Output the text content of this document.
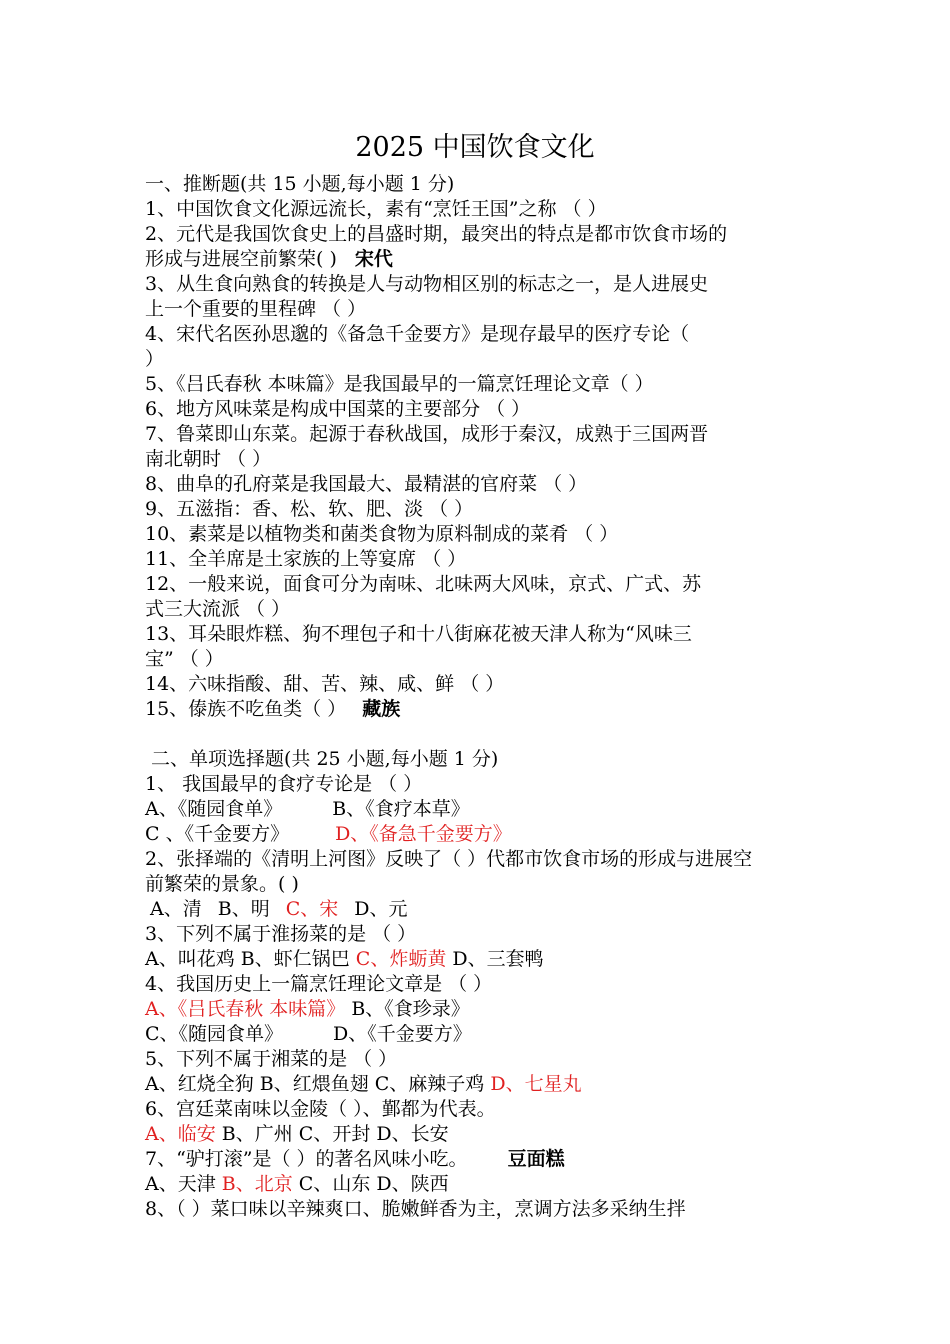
2025 中国饮食文化
一、推断题(共 15 小题,每小题 1 分)
1、中国饮食文化源远流长，素有“烹饪王国”之称 （ ）
2、元代是我国饮食史上的昌盛时期，最突出的特点是都市饮食市场的
形成与进展空前繁荣( ) 宋代
3、从生食向熟食的转换是人与动物相区别的标志之一，是人进展史
上一个重要的里程碑 （ ）
4、宋代名医孙思邈的《备急千金要方》是现存最早的医疗专论（
）
5、《吕氏春秋 本味篇》是我国最早的一篇烹饪理论文章（ ）
6、地方风味菜是构成中国菜的主要部分 （ ）
7、鲁菜即山东菜。起源于春秋战国，成形于秦汉，成熟于三国两晋
南北朝时 （ ）
8、曲阜的孔府菜是我国最大、最精湛的官府菜 （ ）
9、五滋指：香、松、软、肥、淡 （ ）
10、素菜是以植物类和菌类食物为原料制成的菜肴 （ ）
11、全羊席是土家族的上等宴席 （ ）
12、一般来说，面食可分为南味、北味两大风味，京式、广式、苏
式三大流派 （ ）
13、耳朵眼炸糕、狗不理包子和十八街麻花被天津人称为“风味三
宝” （ ）
14、六味指酸、甜、苦、辣、咸、鲜 （ ）
15、傣族不吃鱼类（ ） 藏族
二、单项选择题(共 25 小题,每小题 1 分)
1、 我国最早的食疗专论是 （ ）
A、《随园食单》	B、《食疗本草》
C 、《千金要方》 D、《备急千金要方》
2、张择端的《清明上河图》反映了（ ）代都市饮食市场的形成与进展空
前繁荣的景象。( )
A、清 B、明 C、宋 D、元
3、下列不属于淮扬菜的是 （ ）
A、叫花鸡 B、虾仁锅巴 C、炸蛎黄 D、三套鸭
4、我国历史上一篇烹饪理论文章是 （ ）
A、《吕氏春秋 本味篇》 B、《食珍录》
C、《随园食单》	D、《千金要方》
5、下列不属于湘菜的是 （ ）
A、红烧全狗 B、红煨鱼翅 C、麻辣子鸡 D、七星丸
6、宫廷菜南味以金陵（ ）、鄞都为代表。
A、临安 B、广州 C、开封 D、长安
7、“驴打滚”是（ ）的著名风味小吃。 豆面糕
A、天津 B、北京 C、山东 D、陕西
8、（ ）菜口味以辛辣爽口、脆嫩鲜香为主，烹调方法多采纳生拌
